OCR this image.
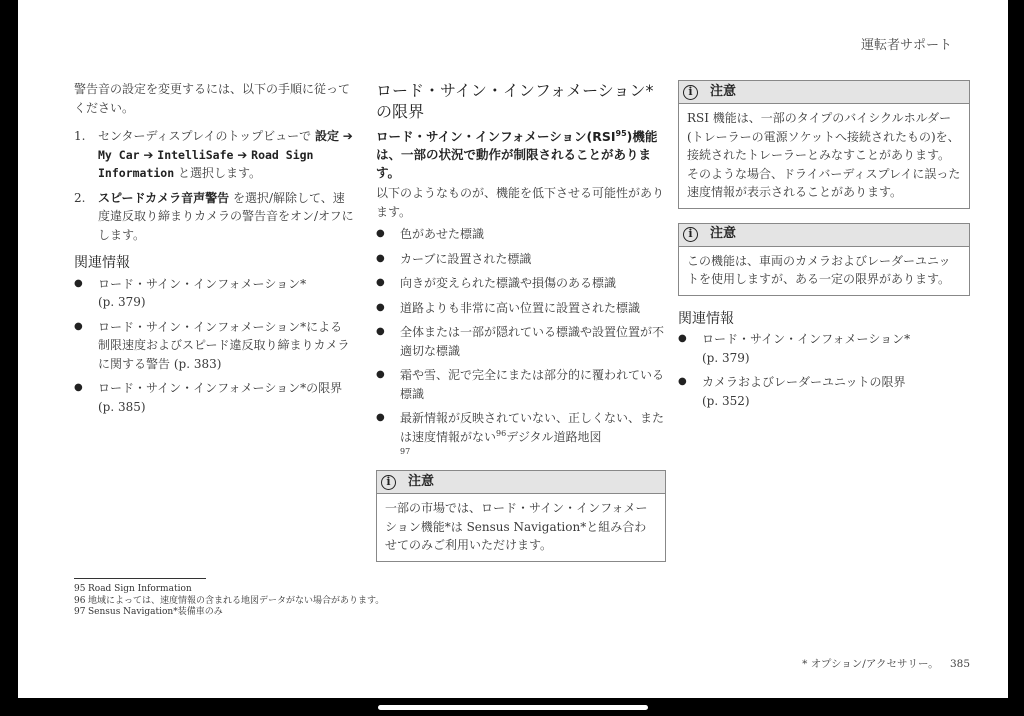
運転者サポート
警告音の設定を変更するには、以下の手順に従ってください。
1.	センターディスプレイのトップビューで 設定 ➔ My Car ➔ IntelliSafe ➔ Road Sign Information と選択します。
2.	スピードカメラ音声警告 を選択/解除して、速度違反取り締まりカメラの警告音をオン/オフにします。
関連情報
●	ロード・サイン・インフォメーション*
(p. 379)
●	ロード・サイン・インフォメーション*による制限速度およびスピード違反取り締まりカメラに関する警告 (p. 383)
●	ロード・サイン・インフォメーション*の限界 (p. 385)
ロード・サイン・インフォメーション*の限界
ロード・サイン・インフォメーション(RSI$^{95}$)機能は、一部の状況で動作が制限されることがあります。
以下のようなものが、機能を低下させる可能性があります。
●	色があせた標識
●	カーブに設置された標識
●	向きが変えられた標識や損傷のある標識
●	道路よりも非常に高い位置に設置された標識
●	全体または一部が隠れている標識や設置位置が不適切な標識
●	霜や雪、泥で完全にまたは部分的に覆われている標識
●	最新情報が反映されていない、正しくない、または速度情報がない$^{96}$デジタル道路地図
97
i	注意
一部の市場では、ロード・サイン・インフォメーション機能*は Sensus Navigation*と組み合わせてのみご利用いただけます。
i	注意
RSI 機能は、一部のタイプのバイシクルホルダー(トレーラーの電源ソケットへ接続されたもの)を、接続されたトレーラーとみなすことがあります。そのような場合、ドライバーディスプレイに誤った速度情報が表示されることがあります。
i	注意
この機能は、車両のカメラおよびレーダーユニットを使用しますが、ある一定の限界があります。
関連情報
●	ロード・サイン・インフォメーション*
(p. 379)
●	カメラおよびレーダーユニットの限界
(p. 352)
95 Road Sign Information
96 地域によっては、速度情報の含まれる地図データがない場合があります。
97 Sensus Navigation*装備車のみ
* オプション/アクセサリー。 385
